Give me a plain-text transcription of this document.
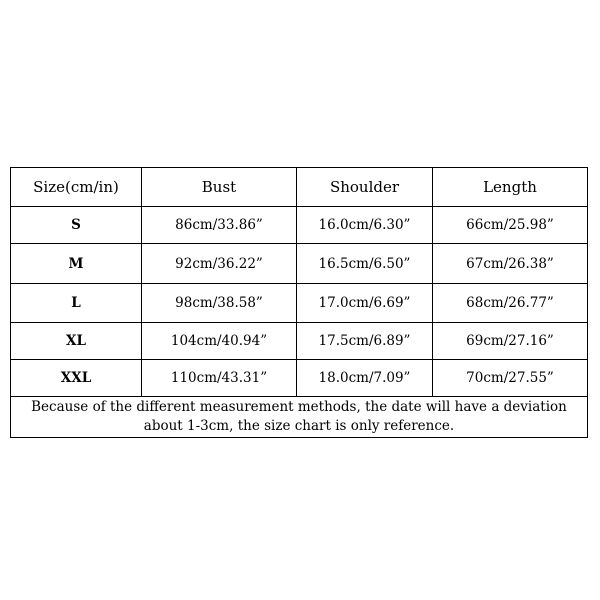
Size(cm/in)	Bust	Shoulder	Length
S	86cm/33.86”	16.0cm/6.30”	66cm/25.98”
M	92cm/36.22”	16.5cm/6.50”	67cm/26.38”
L	98cm/38.58”	17.0cm/6.69”	68cm/26.77”
XL	104cm/40.94”	17.5cm/6.89”	69cm/27.16”
XXL	110cm/43.31”	18.0cm/7.09”	70cm/27.55”
Because of the different measurement methods, the date will have a deviation about 1-3cm, the size chart is only reference.			
